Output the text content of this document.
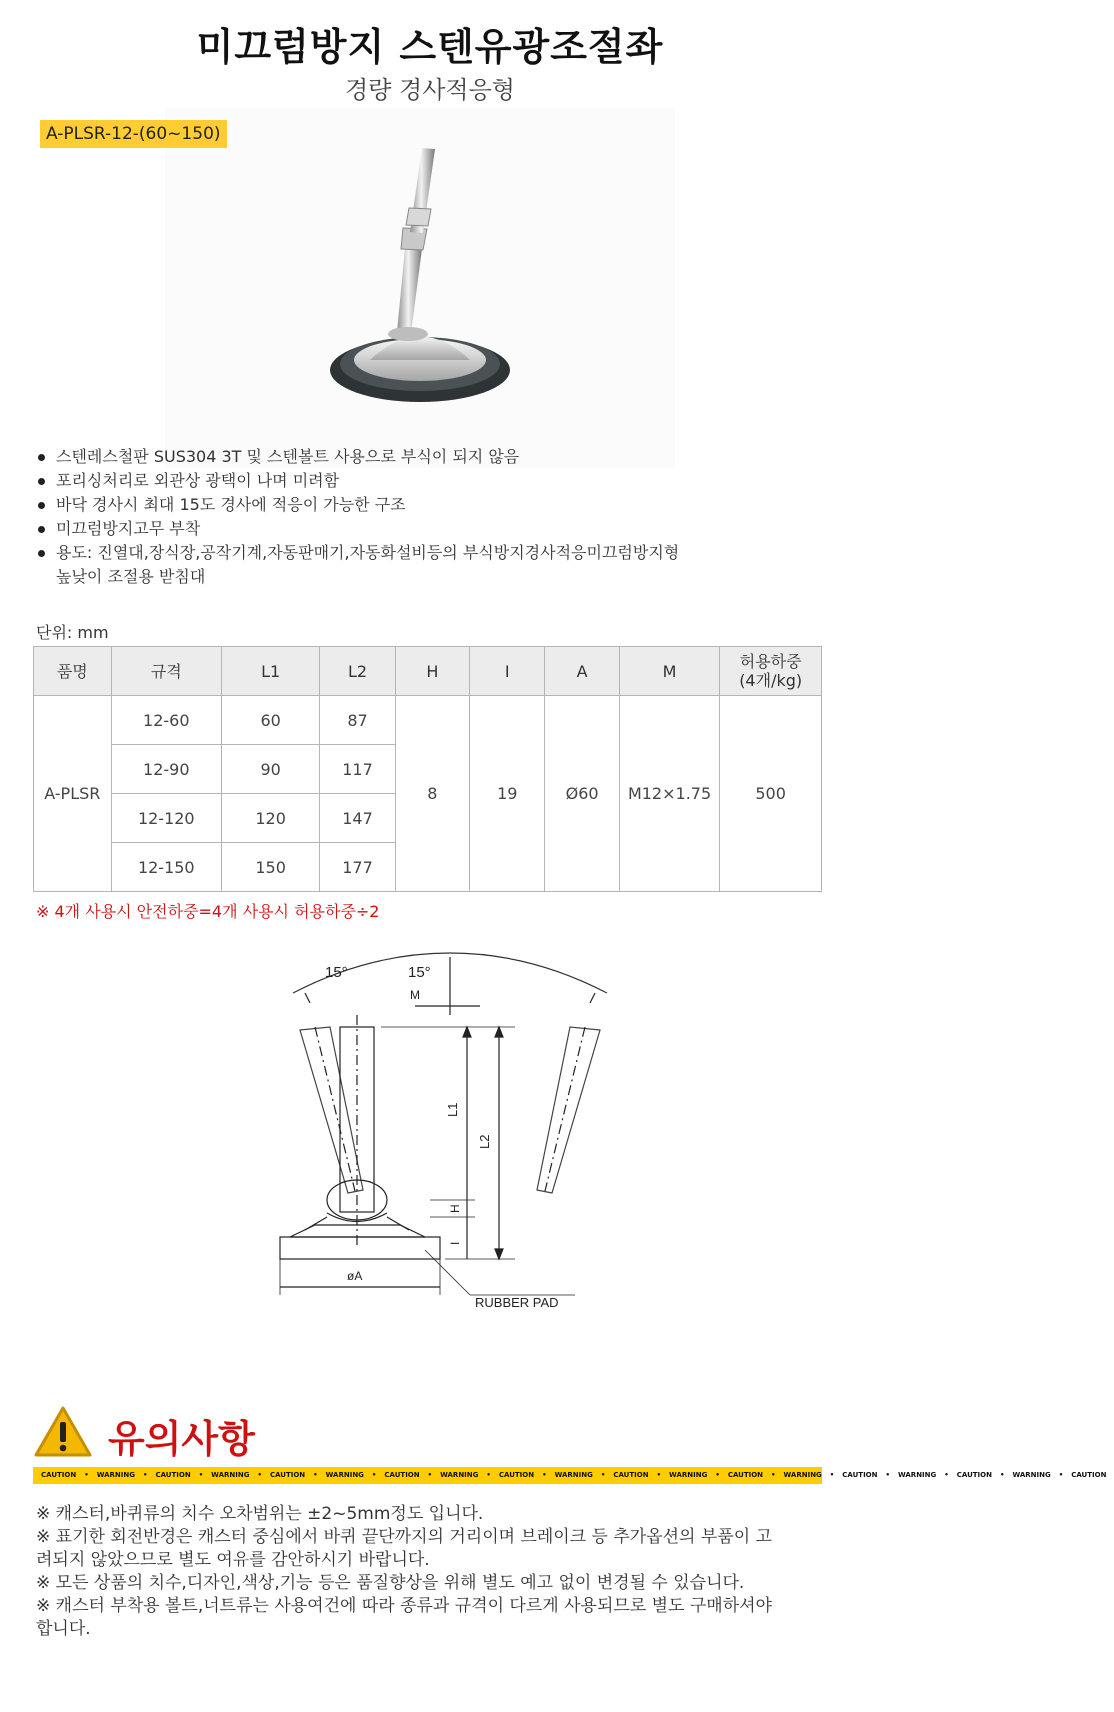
미끄럼방지 스텐유광조절좌
경량 경사적응형
A-PLSR-12-(60~150)
스텐레스철판 SUS304 3T 및 스텐볼트 사용으로 부식이 되지 않음
포리싱처리로 외관상 광택이 나며 미려함
바닥 경사시 최대 15도 경사에 적응이 가능한 구조
미끄럼방지고무 부착
용도: 진열대,장식장,공작기계,자동판매기,자동화설비등의 부식방지경사적응미끄럼방지형
높낮이 조절용 받침대
단위: mm
품명	규격	L1	L2	H	I	A	M	허용하중
(4개/kg)
A-PLSR	12-60	60	87	8	19	Ø60	M12×1.75	500
	12-90	90	117					
	12-120	120	147					
	12-150	150	177					
※ 4개 사용시 안전하중=4개 사용시 허용하중÷2
15°	15°
M
L1
L2
H
I
øA
RUBBER PAD
유의사항
CAUTION • WARNING • CAUTION • WARNING • CAUTION • WARNING • CAUTION • WARNING • CAUTION • WARNING • CAUTION • WARNING • CAUTION • WARNING • CAUTION • WARNING • CAUTION • WARNING • CAUTION

※ 캐스터,바퀴류의 치수 오차범위는 ±2~5mm정도 입니다.

※ 표기한 회전반경은 캐스터 중심에서 바퀴 끝단까지의 거리이며 브레이크 등 추가옵션의 부품이 고

려되지 않았으므로 별도 여유를 감안하시기 바랍니다.

※ 모든 상품의 치수,디자인,색상,기능 등은 품질향상을 위해 별도 예고 없이 변경될 수 있습니다.

※ 캐스터 부착용 볼트,너트류는 사용여건에 따라 종류과 규격이 다르게 사용되므로 별도 구매하셔야

합니다.
